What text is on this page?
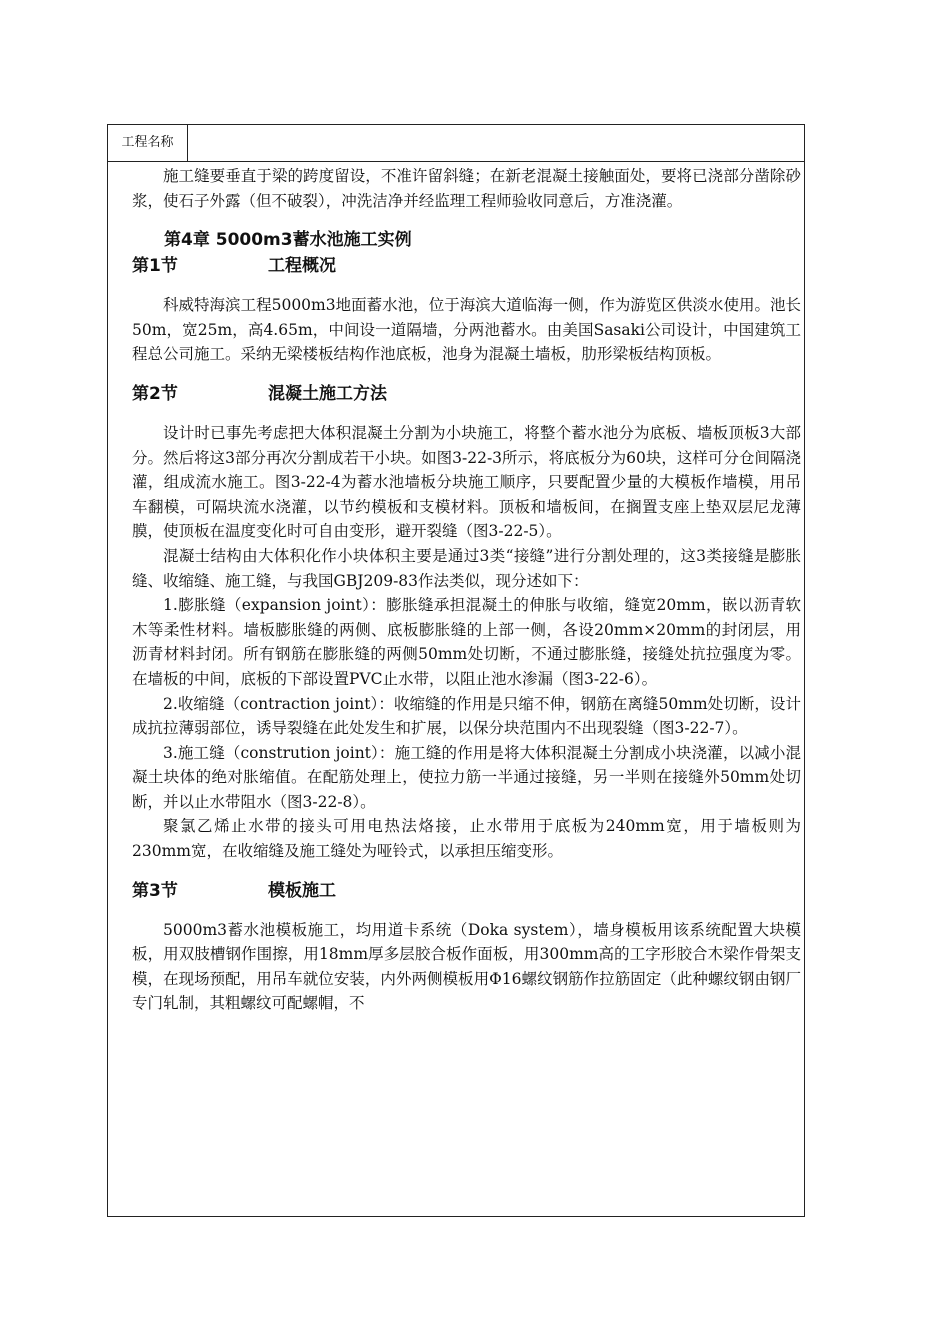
工程名称

施工缝要垂直于梁的跨度留设，不准许留斜缝；在新老混凝土接触面处，要将已浇部分凿除砂浆，使石子外露（但不破裂），冲洗洁净并经监理工程师验收同意后，方准浇灌。

第4章 5000m3蓄水池施工实例
第1节	工程概况

科威特海滨工程5000m3地面蓄水池，位于海滨大道临海一侧，作为游览区供淡水使用。池长50m，宽25m，高4.65m，中间设一道隔墙，分两池蓄水。由美国Sasaki公司设计，中国建筑工程总公司施工。采纳无梁楼板结构作池底板，池身为混凝土墙板，肋形梁板结构顶板。

第2节	混凝土施工方法

设计时已事先考虑把大体积混凝土分割为小块施工，将整个蓄水池分为底板、墙板顶板3大部分。然后将这3部分再次分割成若干小块。如图3-22-3所示，将底板分为60块，这样可分仓间隔浇灌，组成流水施工。图3-22-4为蓄水池墙板分块施工顺序，只要配置少量的大模板作墙模，用吊车翻模，可隔块流水浇灌，以节约模板和支模材料。顶板和墙板间，在搁置支座上垫双层尼龙薄膜，使顶板在温度变化时可自由变形，避开裂缝（图3-22-5）。

混凝士结构由大体积化作小块体积主要是通过3类“接缝”进行分割处理的，这3类接缝是膨胀缝、收缩缝、施工缝，与我国GBJ209-83作法类似，现分述如下：

1.膨胀缝（expansion joint）：膨胀缝承担混凝土的伸胀与收缩，缝宽20mm，嵌以沥青软木等柔性材料。墙板膨胀缝的两侧、底板膨胀缝的上部一侧，各设20mm×20mm的封闭层，用沥青材料封闭。所有钢筋在膨胀缝的两侧50mm处切断，不通过膨胀缝，接缝处抗拉强度为零。在墙板的中间，底板的下部设置PVC止水带，以阻止池水渗漏（图3-22-6）。

2.收缩缝（contraction joint）：收缩缝的作用是只缩不伸，钢筋在离缝50mm处切断，设计成抗拉薄弱部位，诱导裂缝在此处发生和扩展，以保分块范围内不出现裂缝（图3-22-7）。

3.施工缝（constrution joint）：施工缝的作用是将大体积混凝土分割成小块浇灌，以减小混凝土块体的绝对胀缩值。在配筋处理上，使拉力筋一半通过接缝，另一半则在接缝外50mm处切断，并以止水带阻水（图3-22-8）。

聚氯乙烯止水带的接头可用电热法烙接，止水带用于底板为240mm宽，用于墙板则为230mm宽，在收缩缝及施工缝处为哑铃式，以承担压缩变形。

第3节	模板施工

5000m3蓄水池模板施工，均用道卡系统（Doka system），墙身模板用该系统配置大块模板，用双肢槽钢作围擦，用18mm厚多层胶合板作面板，用300mm高的工字形胶合木梁作骨架支模，在现场预配，用吊车就位安装，内外两侧模板用Φ16螺纹钢筋作拉筋固定（此种螺纹钢由钢厂专门轧制，其粗螺纹可配螺帽，不
